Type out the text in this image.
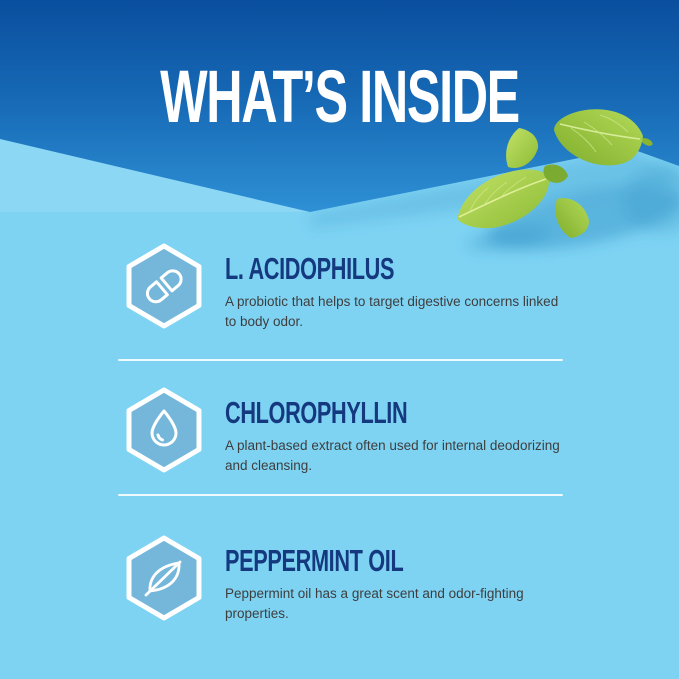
WHAT’S INSIDE
L. ACIDOPHILUS

A probiotic that helps to target digestive concerns linked to body odor.

CHLOROPHYLLIN

A plant-based extract often used for internal deodorizing and cleansing.

PEPPERMINT OIL

Peppermint oil has a great scent and odor-fighting properties.
